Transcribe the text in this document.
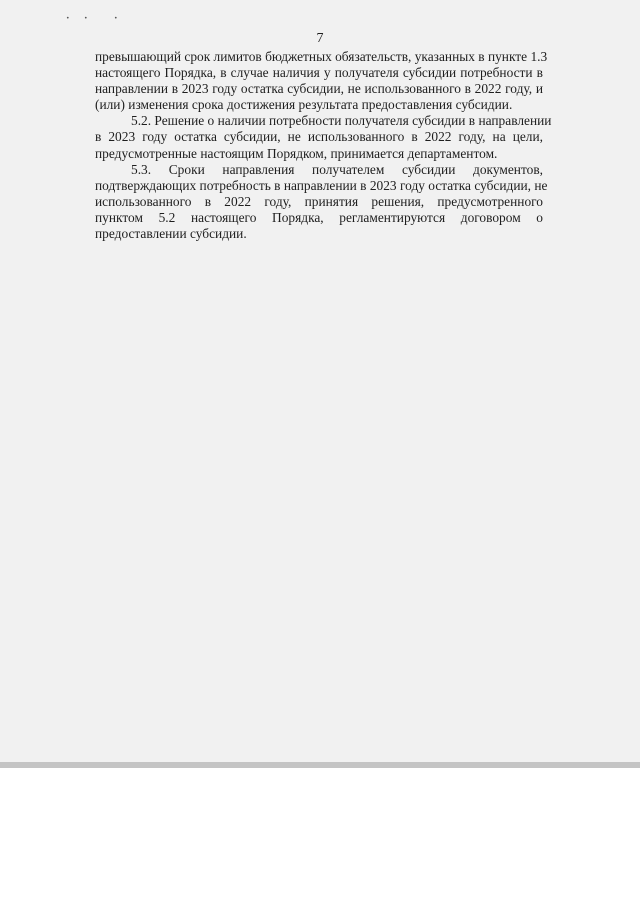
• •	•
7

превышающий срок лимитов бюджетных обязательств, указанных в пункте 1.3
настоящего Порядка, в случае наличия у получателя субсидии потребности в
направлении в 2023 году остатка субсидии, не использованного в 2022 году, и
(или) изменения срока достижения результата предоставления субсидии.

5.2. Решение о наличии потребности получателя субсидии в направлении
в 2023 году остатка субсидии, не использованного в 2022 году, на цели,
предусмотренные настоящим Порядком, принимается департаментом.

5.3. Сроки направления получателем субсидии документов,
подтверждающих потребность в направлении в 2023 году остатка субсидии, не
использованного в 2022 году, принятия решения, предусмотренного
пунктом 5.2 настоящего Порядка, регламентируются договором о
предоставлении субсидии.
